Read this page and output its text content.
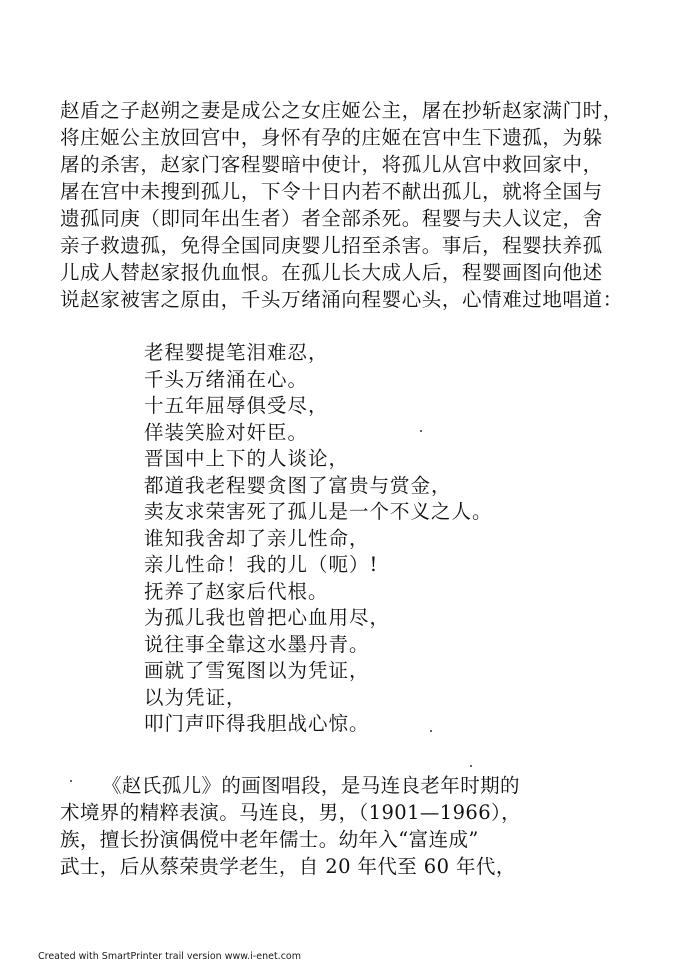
赵盾之子赵朔之妻是成公之女庄姬公主，屠在抄斩赵家满门时，
将庄姬公主放回宫中，身怀有孕的庄姬在宫中生下遗孤，为躲
屠的杀害，赵家门客程婴暗中使计，将孤儿从宫中救回家中，
屠在宫中未搜到孤儿，下令十日内若不献出孤儿，就将全国与
遗孤同庚（即同年出生者）者全部杀死。程婴与夫人议定，舍
亲子救遗孤，免得全国同庚婴儿招至杀害。事后，程婴扶养孤
儿成人替赵家报仇血恨。在孤儿长大成人后，程婴画图向他述
说赵家被害之原由，千头万绪涌向程婴心头，心情难过地唱道：
老程婴提笔泪难忍，
千头万绪涌在心。
十五年屈辱俱受尽，
佯装笑脸对奸臣。
晋国中上下的人谈论，
都道我老程婴贪图了富贵与赏金，
卖友求荣害死了孤儿是一个不义之人。
谁知我舍却了亲儿性命，
亲儿性命！我的儿（呃）!
抚养了赵家后代根。
为孤儿我也曾把心血用尽，
说往事全靠这水墨丹青。
画就了雪冤图以为凭证，
以为凭证，
叩门声吓得我胆战心惊。
《赵氏孤儿》的画图唱段，是马连良老年时期的
术境界的精粹表演。马连良，男，（1901—1966），
族，擅长扮演偶傥中老年儒士。幼年入“富连成”
武士，后从蔡荣贵学老生，自 20 年代至 60 年代，
Created with SmartPrinter trail version www.i-enet.com
